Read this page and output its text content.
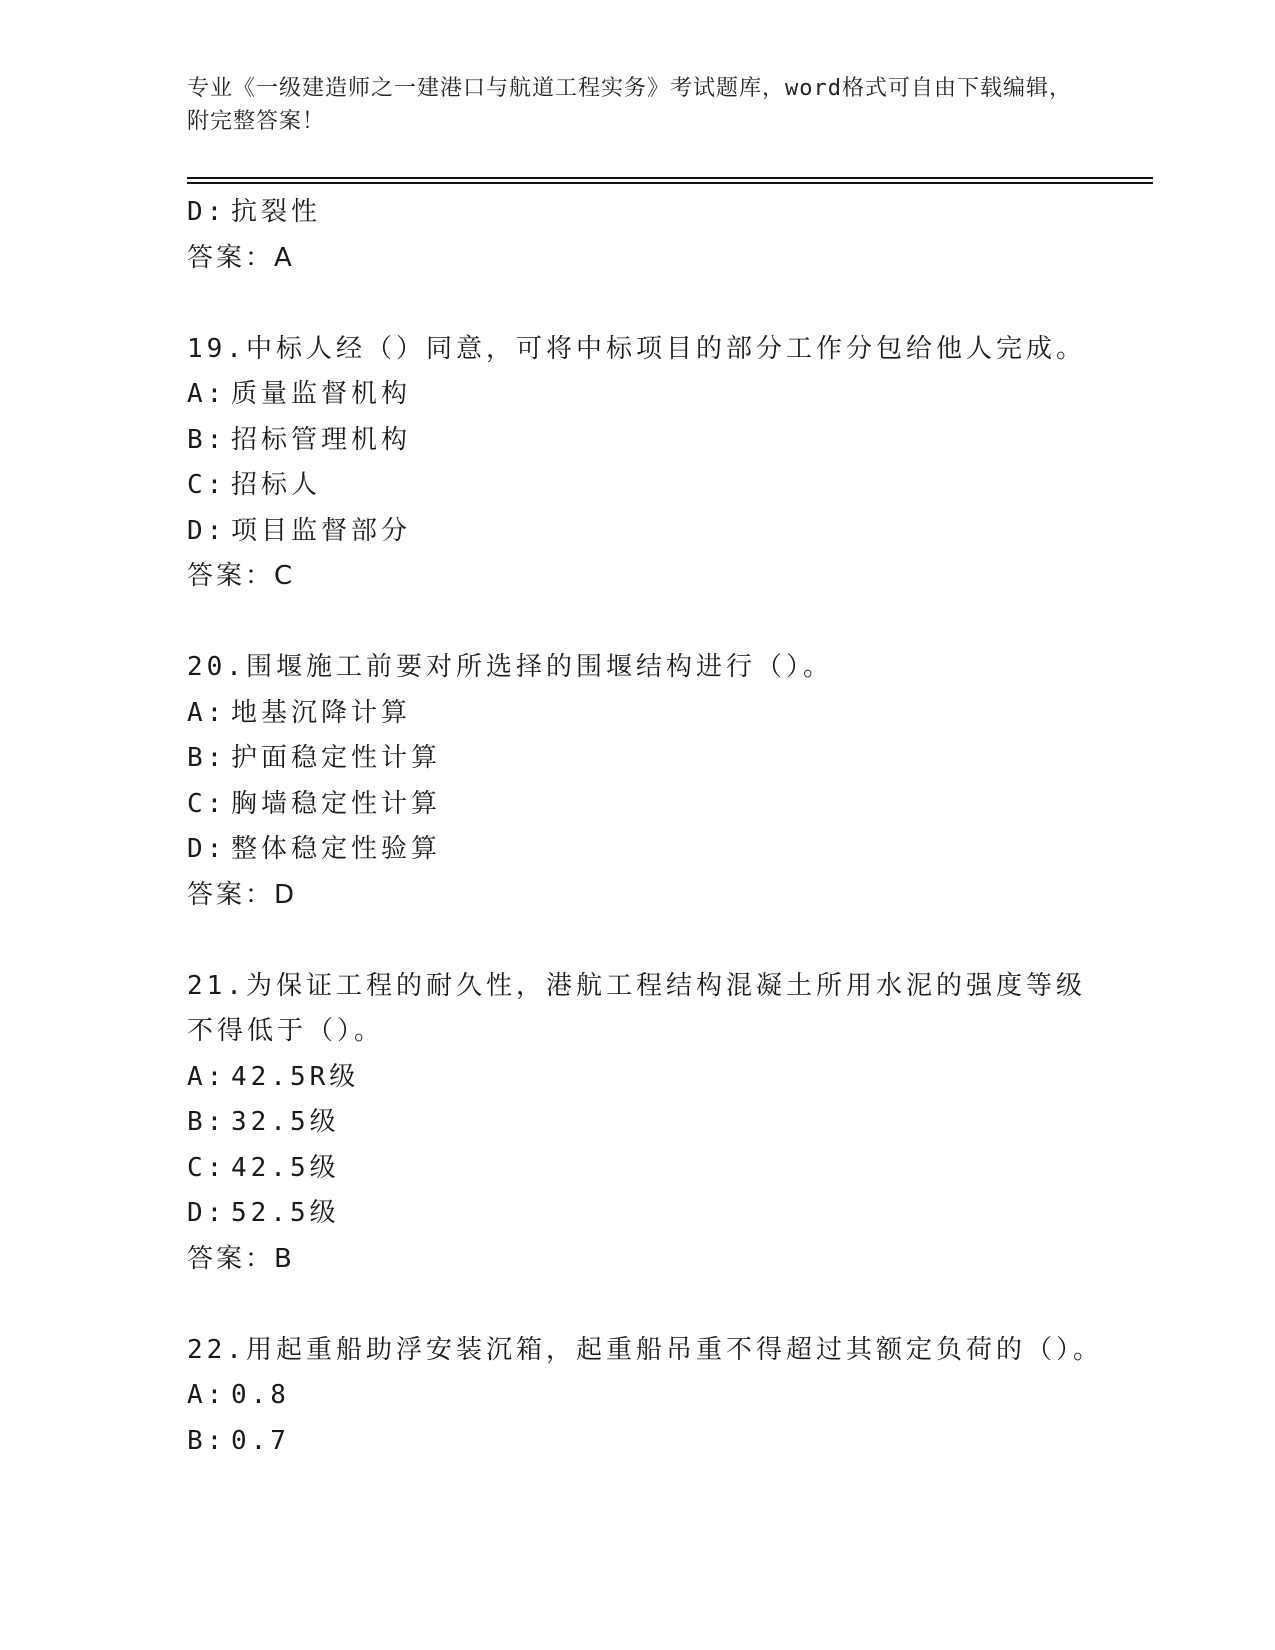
专业《一级建造师之一建港口与航道工程实务》考试题库，word格式可自由下载编辑，附完整答案！
D: 抗裂性
答案：A
19.中标人经（）同意，可将中标项目的部分工作分包给他人完成。
A: 质量监督机构
B: 招标管理机构
C: 招标人
D: 项目监督部分
答案：C
20.围堰施工前要对所选择的围堰结构进行（）。
A: 地基沉降计算
B: 护面稳定性计算
C: 胸墙稳定性计算
D: 整体稳定性验算
答案：D
21.为保证工程的耐久性，港航工程结构混凝土所用水泥的强度等级不得低于（）。
A: 42.5R级
B: 32.5级
C: 42.5级
D: 52.5级
答案：B
22.用起重船助浮安装沉箱，起重船吊重不得超过其额定负荷的（）。
A: 0.8
B: 0.7
